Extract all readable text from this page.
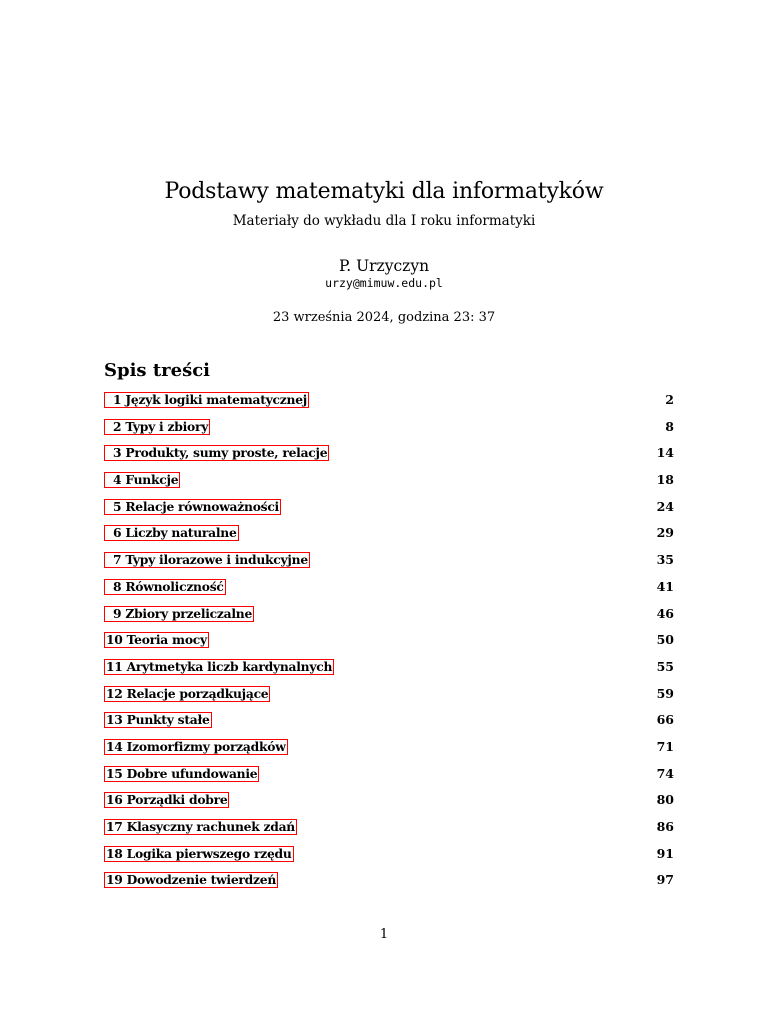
Podstawy matematyki dla informatyków
Materiały do wykładu dla I roku informatyki
P. Urzyczyn
urzy@mimuw.edu.pl
23 września 2024, godzina 23: 37
Spis treści
1 Język logiki matematycznej	2
2 Typy i zbiory	8
3 Produkty, sumy proste, relacje	14
4 Funkcje	18
5 Relacje równoważności	24
6 Liczby naturalne	29
7 Typy ilorazowe i indukcyjne	35
8 Równoliczność	41
9 Zbiory przeliczalne	46
10 Teoria mocy	50
11 Arytmetyka liczb kardynalnych	55
12 Relacje porządkujące	59
13 Punkty stałe	66
14 Izomorfizmy porządków	71
15 Dobre ufundowanie	74
16 Porządki dobre	80
17 Klasyczny rachunek zdań	86
18 Logika pierwszego rzędu	91
19 Dowodzenie twierdzeń	97
1
